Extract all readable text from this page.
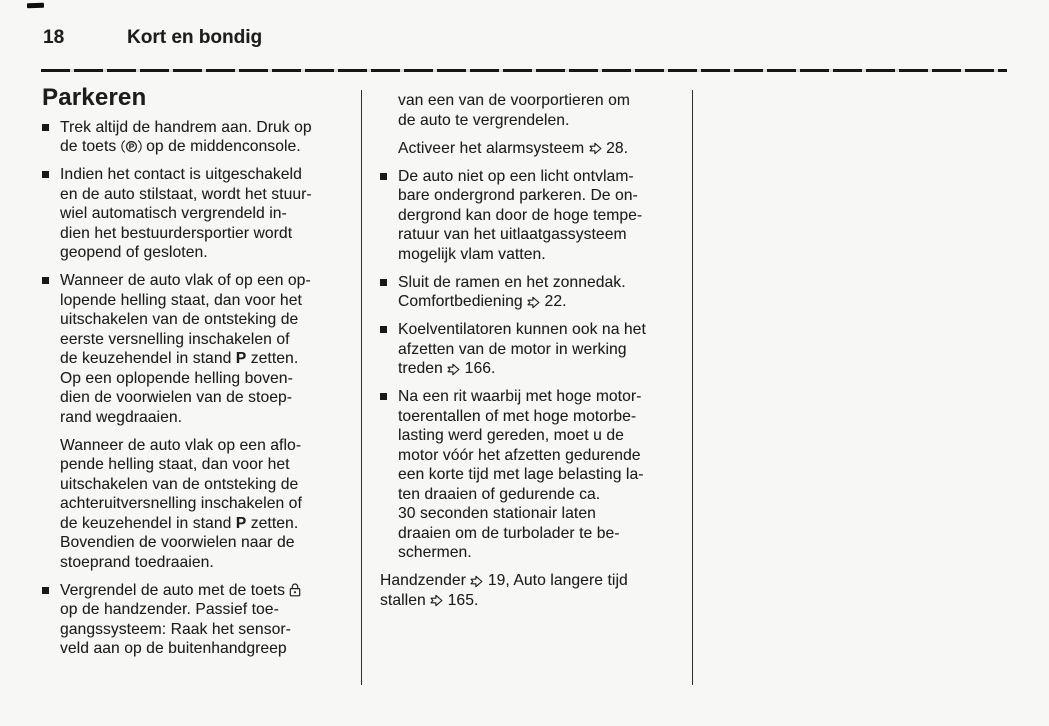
18	Kort en bondig
Parkeren
Trek altijd de handrem aan. Druk op
de toets P op de middenconsole.
Indien het contact is uitgeschakeld
en de auto stilstaat, wordt het stuur-
wiel automatisch vergrendeld in-
dien het bestuurdersportier wordt
geopend of gesloten.
Wanneer de auto vlak of op een op-
lopende helling staat, dan voor het
uitschakelen van de ontsteking de
eerste versnelling inschakelen of
de keuzehendel in stand P zetten.
Op een oplopende helling boven-
dien de voorwielen van de stoep-
rand wegdraaien.
Wanneer de auto vlak op een aflo-
pende helling staat, dan voor het
uitschakelen van de ontsteking de
achteruitversnelling inschakelen of
de keuzehendel in stand P zetten.
Bovendien de voorwielen naar de
stoeprand toedraaien.
Vergrendel de auto met de toets
op de handzender. Passief toe-
gangssysteem: Raak het sensor-
veld aan op de buitenhandgreep
van een van de voorportieren om
de auto te vergrendelen.
Activeer het alarmsysteem  28.
De auto niet op een licht ontvlam-
bare ondergrond parkeren. De on-
dergrond kan door de hoge tempe-
ratuur van het uitlaatgassysteem
mogelijk vlam vatten.
Sluit de ramen en het zonnedak.
Comfortbediening  22.
Koelventilatoren kunnen ook na het
afzetten van de motor in werking
treden  166.
Na een rit waarbij met hoge motor-
toerentallen of met hoge motorbe-
lasting werd gereden, moet u de
motor vóór het afzetten gedurende
een korte tijd met lage belasting la-
ten draaien of gedurende ca.
30 seconden stationair laten
draaien om de turbolader te be-
schermen.
Handzender  19, Auto langere tijd
stallen  165.
